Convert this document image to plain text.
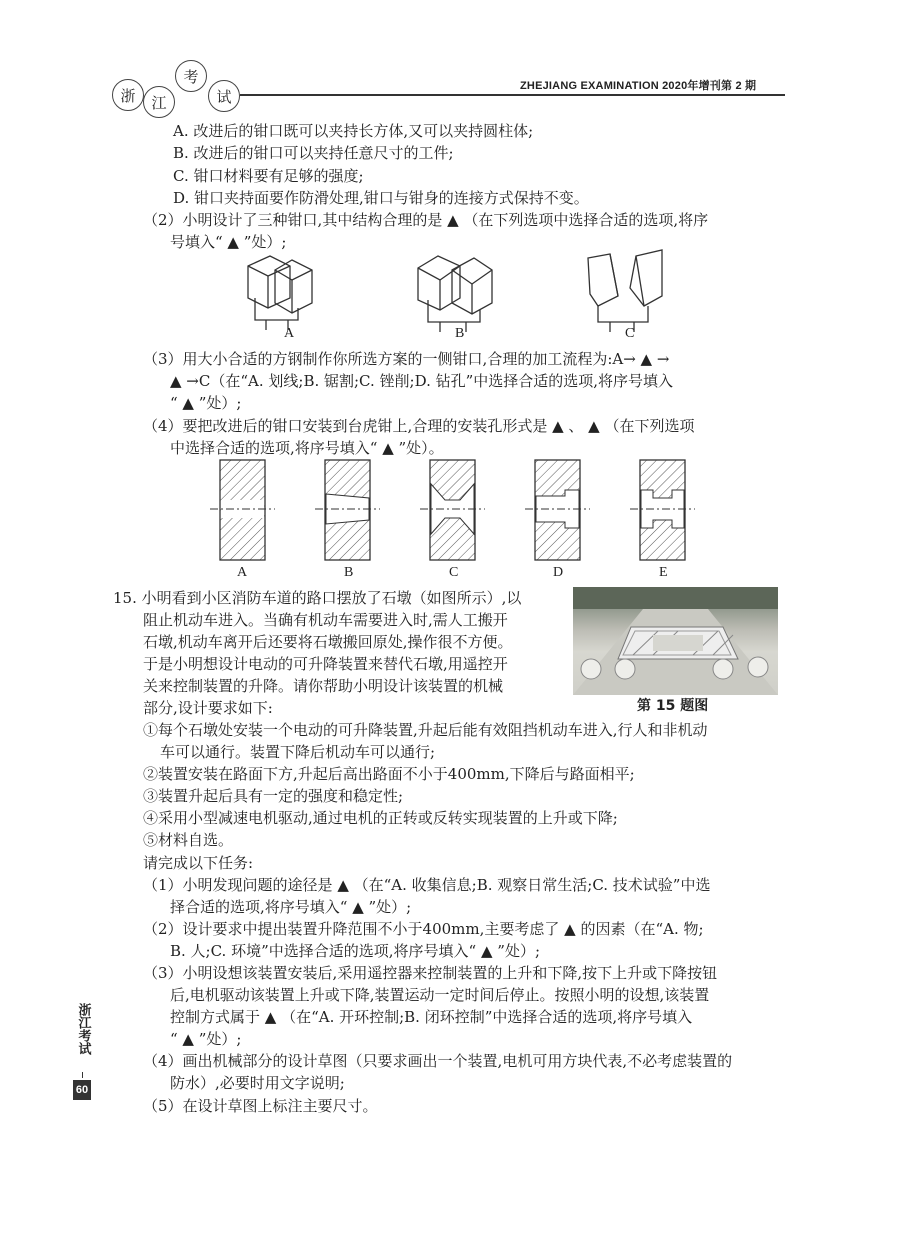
浙 江
考
试
ZHEJIANG EXAMINATION 2020年增刊第 2 期
A. 改进后的钳口既可以夹持长方体,又可以夹持圆柱体;
B. 改进后的钳口可以夹持任意尺寸的工件;
C. 钳口材料要有足够的强度;
D. 钳口夹持面要作防滑处理,钳口与钳身的连接方式保持不变。
（2）小明设计了三种钳口,其中结构合理的是 ▲ （在下列选项中选择合适的选项,将序
号填入“ ▲ ”处）;
A	B	C
（3）用大小合适的方钢制作你所选方案的一侧钳口,合理的加工流程为:A→ ▲ →
▲ →C（在“A. 划线;B. 锯割;C. 锉削;D. 钻孔”中选择合适的选项,将序号填入
“ ▲ ”处）;
（4）要把改进后的钳口安装到台虎钳上,合理的安装孔形式是 ▲ 、 ▲ （在下列选项
中选择合适的选项,将序号填入“ ▲ ”处）。
A	B	C	D	E
15. 小明看到小区消防车道的路口摆放了石墩（如图所示）,以
阻止机动车进入。当确有机动车需要进入时,需人工搬开
石墩,机动车离开后还要将石墩搬回原处,操作很不方便。
于是小明想设计电动的可升降装置来替代石墩,用遥控开
关来控制装置的升降。请你帮助小明设计该装置的机械
部分,设计要求如下:	第 15 题图
①每个石墩处安装一个电动的可升降装置,升起后能有效阻挡机动车进入,行人和非机动
车可以通行。装置下降后机动车可以通行;
②装置安装在路面下方,升起后高出路面不小于400mm,下降后与路面相平;
③装置升起后具有一定的强度和稳定性;
④采用小型减速电机驱动,通过电机的正转或反转实现装置的上升或下降;
⑤材料自选。
请完成以下任务:
（1）小明发现问题的途径是 ▲ （在“A. 收集信息;B. 观察日常生活;C. 技术试验”中选
择合适的选项,将序号填入“ ▲ ”处）;
（2）设计要求中提出装置升降范围不小于400mm,主要考虑了 ▲ 的因素（在“A. 物;
B. 人;C. 环境”中选择合适的选项,将序号填入“ ▲ ”处）;
（3）小明设想该装置安装后,采用遥控器来控制装置的上升和下降,按下上升或下降按钮
后,电机驱动该装置上升或下降,装置运动一定时间后停止。按照小明的设想,该装置
控制方式属于 ▲ （在“A. 开环控制;B. 闭环控制”中选择合适的选项,将序号填入
“ ▲ ”处）;
（4）画出机械部分的设计草图（只要求画出一个装置,电机可用方块代表,不必考虑装置的
防水）,必要时用文字说明;
（5）在设计草图上标注主要尺寸。
浙江考试
60
